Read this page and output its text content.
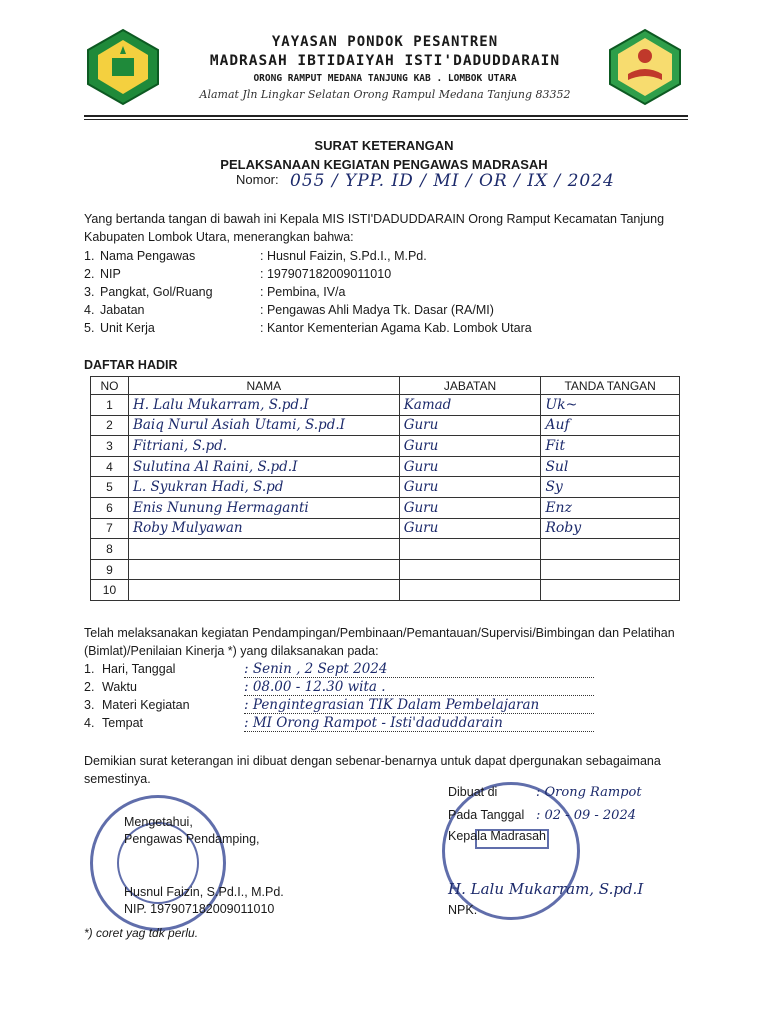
YAYASAN PONDOK PESANTREN
MADRASAH IBTIDAIYAH ISTI'DADUDDARAIN
ORONG RAMPUT MEDANA TANJUNG KAB . LOMBOK UTARA
Alamat Jln Lingkar Selatan Orong Rampul Medana Tanjung 83352
SURAT KETERANGAN
PELAKSANAAN KEGIATAN PENGAWAS MADRASAH
Nomor: 055 / YPP. ID / MI / OR / IX / 2024
Yang bertanda tangan di bawah ini Kepala MIS ISTI'DADUDDARAIN Orong Ramput Kecamatan Tanjung Kabupaten Lombok Utara, menerangkan bahwa:
1. Nama Pengawas	: Husnul Faizin, S.Pd.I., M.Pd.
2. NIP	: 197907182009011010
3. Pangkat, Gol/Ruang	: Pembina, IV/a
4. Jabatan	: Pengawas Ahli Madya Tk. Dasar (RA/MI)
5. Unit Kerja	: Kantor Kementerian Agama Kab. Lombok Utara
DAFTAR HADIR
NO	NAMA	JABATAN	TANDA TANGAN
1	H. Lalu Mukarram, S.pd.I	Kamad	Uk~
2	Baiq Nurul Asiah Utami, S.pd.I	Guru	Auf
3	Fitriani, S.pd.	Guru	Fit
4	Sulutina Al Raini, S.pd.I	Guru	Sul
5	L. Syukran Hadi, S.pd	Guru	Sy
6	Enis Nunung Hermaganti	Guru	Enz
7	Roby Mulyawan	Guru	Roby
8			
9			
10			
Telah melaksanakan kegiatan Pendampingan/Pembinaan/Pemantauan/Supervisi/Bimbingan dan Pelatihan (Bimlat)/Penilaian Kinerja *) yang dilaksanakan pada:
1. Hari, Tanggal	: Senin , 2 Sept 2024
2. Waktu	: 08.00 - 12.30 wita .
3. Materi Kegiatan	: Pengintegrasian TIK Dalam Pembelajaran
4. Tempat	: MI Orong Rampot - Isti'daduddarain
Demikian surat keterangan ini dibuat dengan sebenar-benarnya untuk dapat dpergunakan sebagaimana semestinya.
Mengetahui,
Pengawas Pendamping,
Husnul Faizin, S.Pd.I., M.Pd.
NIP. 197907182009011010
Dibuat di	: Orong Rampot
Pada Tanggal : 02 - 09 - 2024
Kepala Madrasah
H. Lalu Mukarram, S.pd.I
NPK.
*) coret yag tdk perlu.
